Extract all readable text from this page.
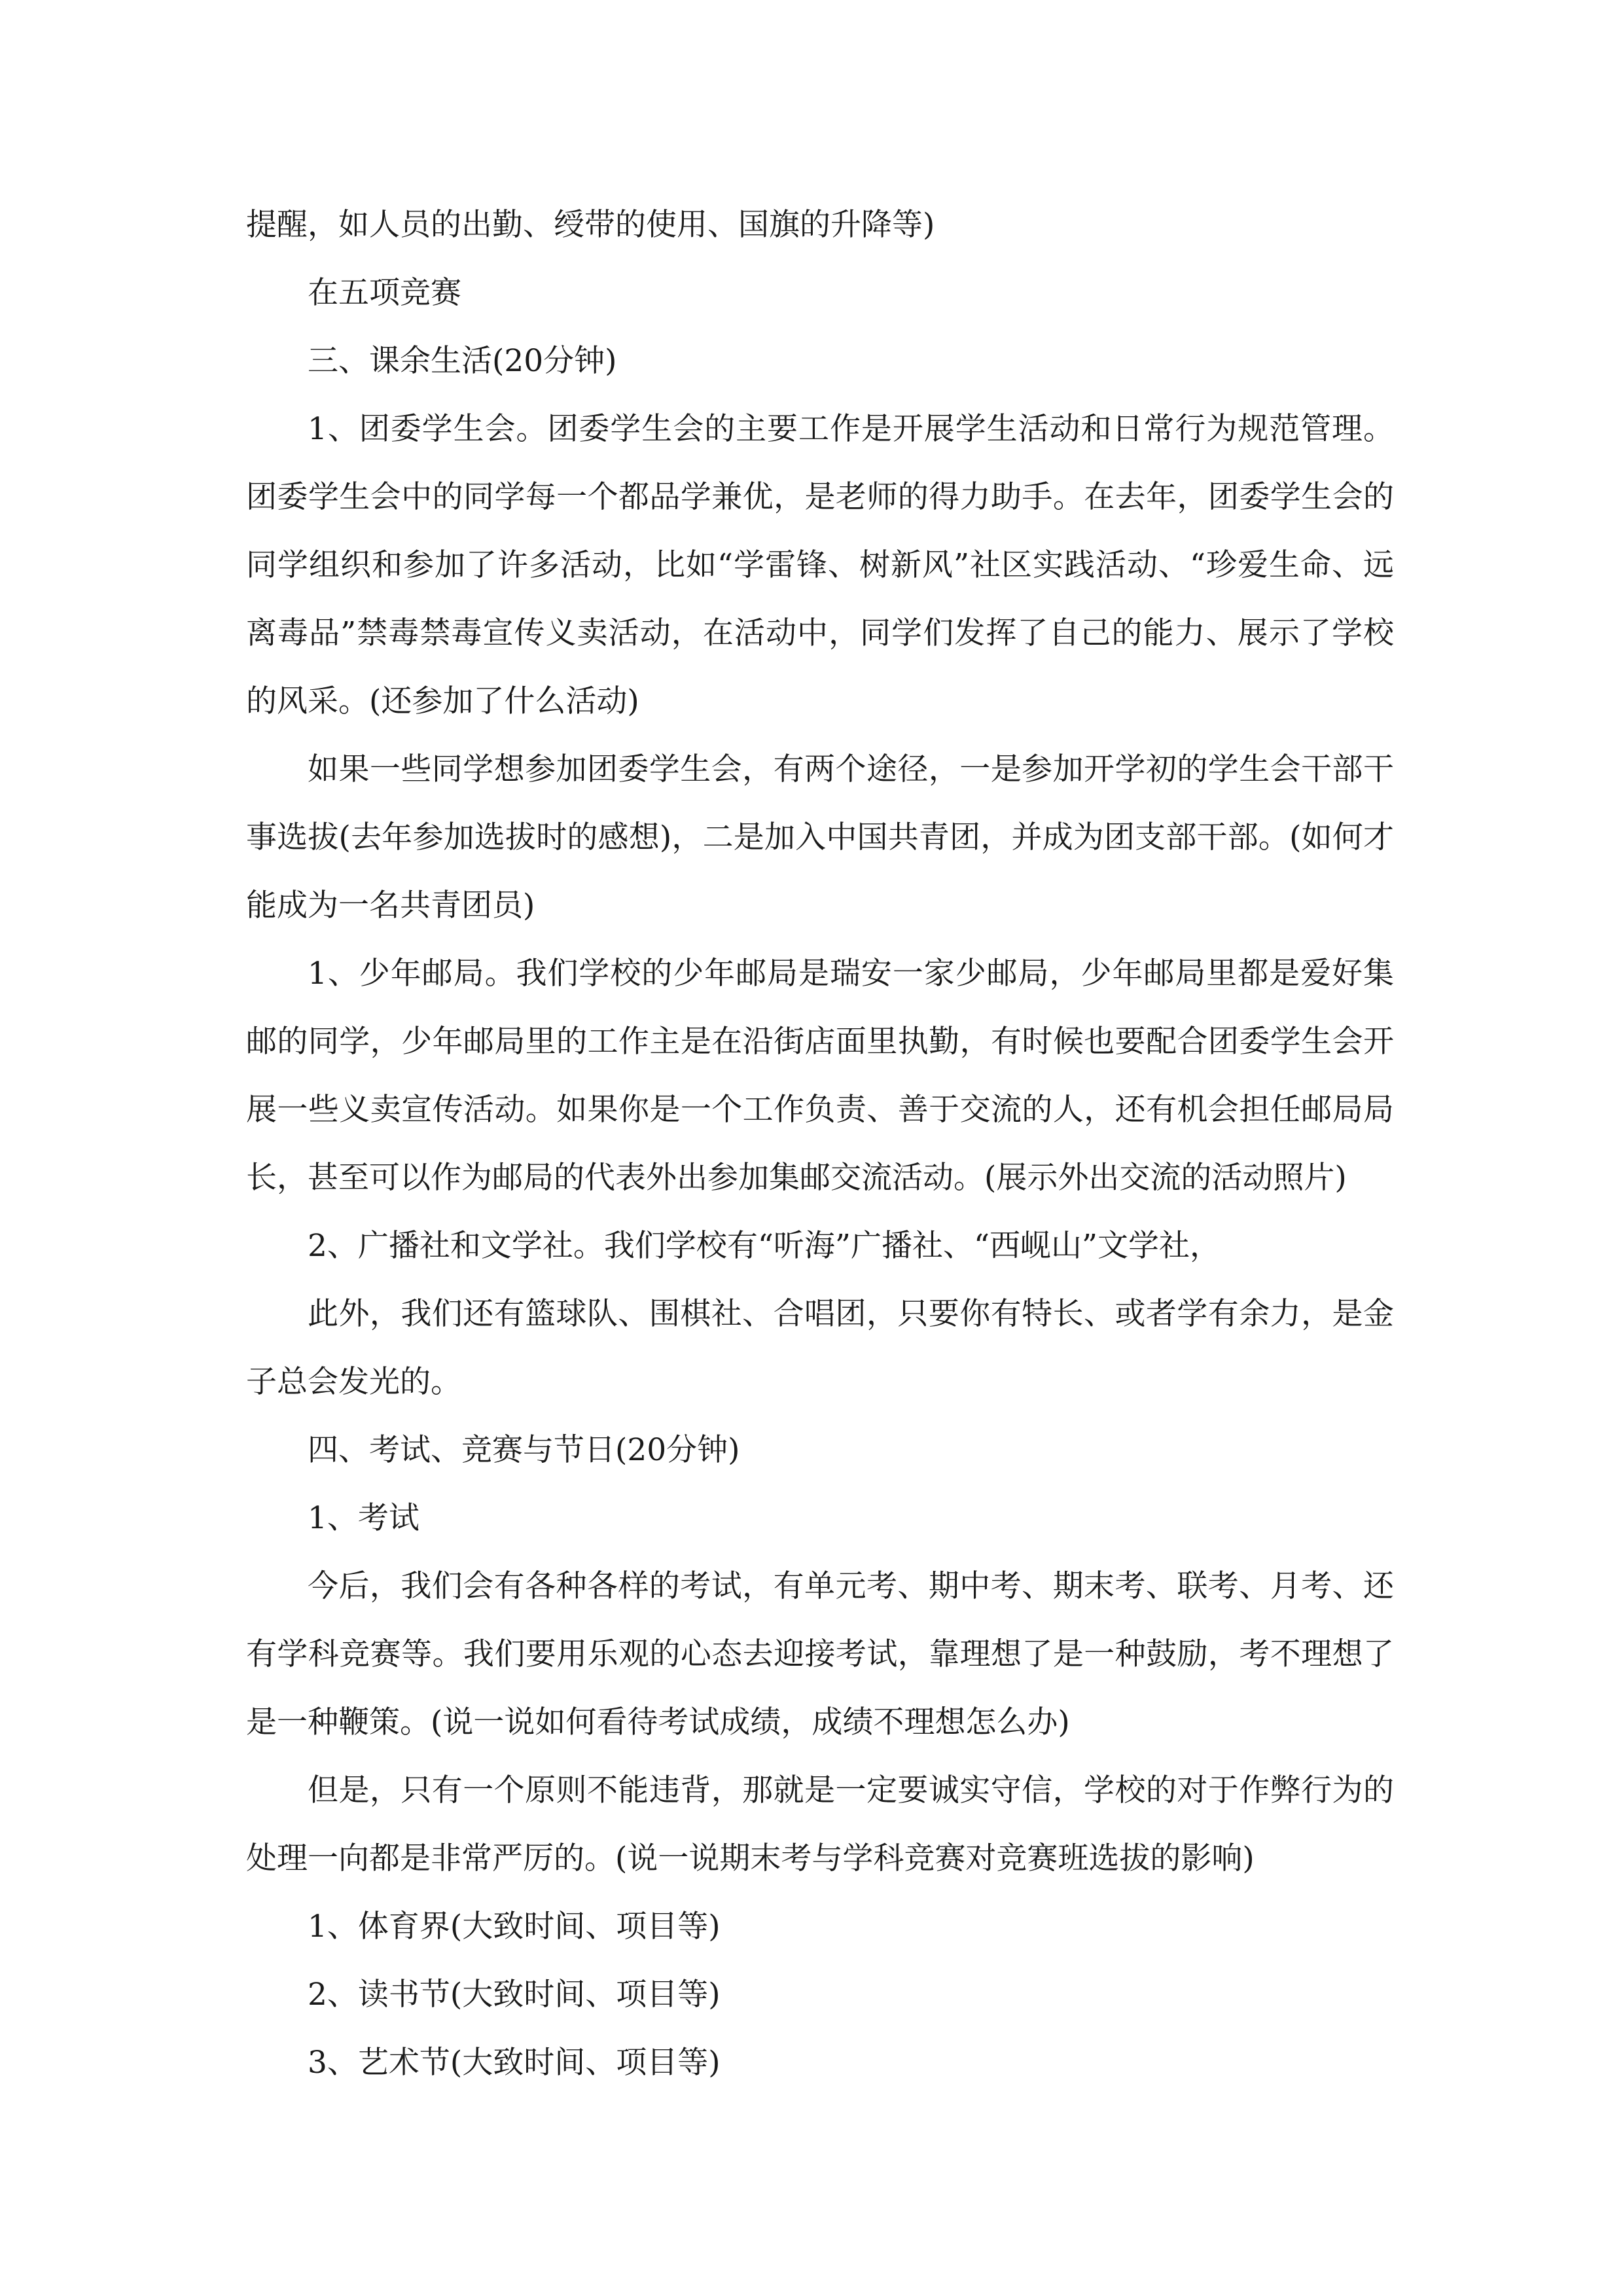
提醒，如人员的出勤、绶带的使用、国旗的升降等)

在五项竞赛

三、课余生活(20分钟)

1、团委学生会。团委学生会的主要工作是开展学生活动和日常行为规范管理。团委学生会中的同学每一个都品学兼优，是老师的得力助手。在去年，团委学生会的同学组织和参加了许多活动，比如“学雷锋、树新风”社区实践活动、“珍爱生命、远离毒品”禁毒禁毒宣传义卖活动，在活动中，同学们发挥了自己的能力、展示了学校的风采。(还参加了什么活动)

如果一些同学想参加团委学生会，有两个途径，一是参加开学初的学生会干部干事选拔(去年参加选拔时的感想)，二是加入中国共青团，并成为团支部干部。(如何才能成为一名共青团员)

1、少年邮局。我们学校的少年邮局是瑞安一家少邮局，少年邮局里都是爱好集邮的同学，少年邮局里的工作主是在沿街店面里执勤，有时候也要配合团委学生会开展一些义卖宣传活动。如果你是一个工作负责、善于交流的人，还有机会担任邮局局长，甚至可以作为邮局的代表外出参加集邮交流活动。(展示外出交流的活动照片)

2、广播社和文学社。我们学校有“听海”广播社、“西岘山”文学社，

此外，我们还有篮球队、围棋社、合唱团，只要你有特长、或者学有余力，是金子总会发光的。

四、考试、竞赛与节日(20分钟)

1、考试

今后，我们会有各种各样的考试，有单元考、期中考、期末考、联考、月考、还有学科竞赛等。我们要用乐观的心态去迎接考试，靠理想了是一种鼓励，考不理想了是一种鞭策。(说一说如何看待考试成绩，成绩不理想怎么办)

但是，只有一个原则不能违背，那就是一定要诚实守信，学校的对于作弊行为的处理一向都是非常严厉的。(说一说期末考与学科竞赛对竞赛班选拔的影响)

1、体育界(大致时间、项目等)

2、读书节(大致时间、项目等)

3、艺术节(大致时间、项目等)
